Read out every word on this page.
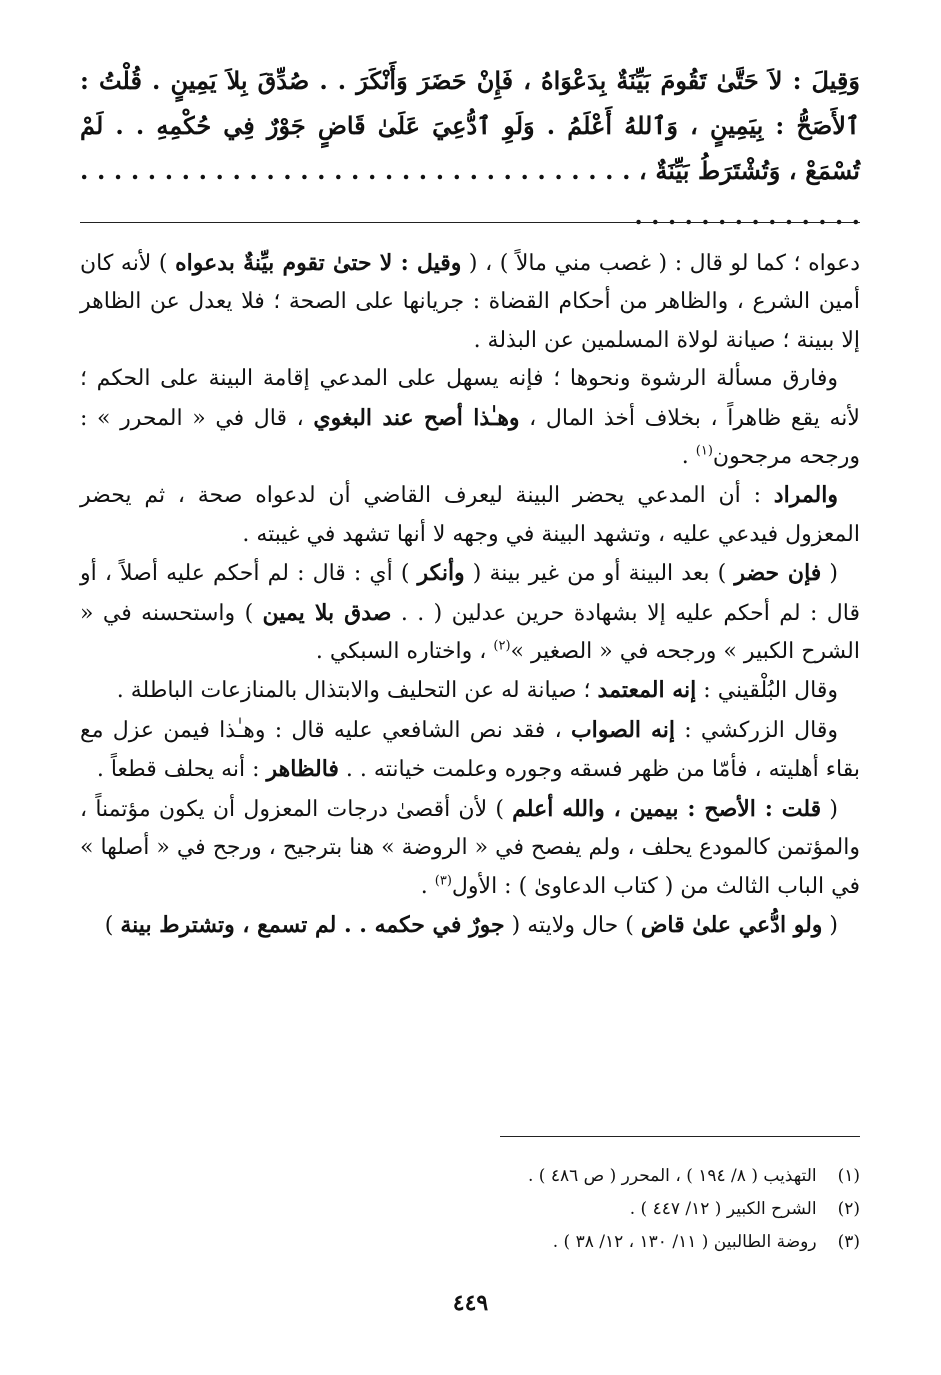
وَقِيلَ : لاَ حَتَّىٰ تَقُومَ بَيِّنَةٌ بِدَعْوَاهُ ، فَإِنْ حَضَرَ وَأَنْكَرَ . . صُدِّقَ بِلاَ يَمِينٍ . قُلْتُ : ٱلأَصَحُّ : بِيَمِينٍ ، وَٱللهُ أَعْلَمُ . وَلَوِ ٱدُّعِيَ عَلَىٰ قَاضٍ جَوْرٌ فِي حُكْمِهِ . . لَمْ تُسْمَعْ ، وَتُشْتَرَطُ بَيِّنَةٌ ، . . . . . . . . . . . . . . . . . . . . . . . . . . . . . . . . . . . . . . . . . . . . . . .

دعواه ؛ كما لو قال : ( غصب مني مالاً ) ، ( وقيل : لا حتىٰ تقوم بيِّنةٌ بدعواه ) لأنه كان أمين الشرع ، والظاهر من أحكام القضاة : جريانها على الصحة ؛ فلا يعدل عن الظاهر إلا ببينة ؛ صيانة لولاة المسلمين عن البذلة .

وفارق مسألة الرشوة ونحوها ؛ فإنه يسهل على المدعي إقامة البينة على الحكم ؛ لأنه يقع ظاهراً ، بخلاف أخذ المال ، وهـٰذا أصح عند البغوي ، قال في « المحرر » : ورجحه مرجحون$^{(١)}$ .

والمراد : أن المدعي يحضر البينة ليعرف القاضي أن لدعواه صحة ، ثم يحضر المعزول فيدعي عليه ، وتشهد البينة في وجهه لا أنها تشهد في غيبته .

( فإن حضر ) بعد البينة أو من غير بينة ( وأنكر ) أي : قال : لم أحكم عليه أصلاً ، أو قال : لم أحكم عليه إلا بشهادة حرين عدلين ( . . صدق بلا يمين ) واستحسنه في « الشرح الكبير » ورجحه في « الصغير »$^{(٢)}$ ، واختاره السبكي .

وقال البُلْقيني : إنه المعتمد ؛ صيانة له عن التحليف والابتذال بالمنازعات الباطلة .

وقال الزركشي : إنه الصواب ، فقد نص الشافعي عليه قال : وهـٰذا فيمن عزل مع بقاء أهليته ، فأمّا من ظهر فسقه وجوره وعلمت خيانته . . فالظاهر : أنه يحلف قطعاً .

( قلت : الأصح : بيمين ، والله أعلم ) لأن أقصىٰ درجات المعزول أن يكون مؤتمناً ، والمؤتمن كالمودع يحلف ، ولم يفصح في « الروضة » هنا بترجيح ، ورجح في « أصلها » في الباب الثالث من ( كتاب الدعاوىٰ ) : الأول$^{(٣)}$ .

( ولو ادُّعي علىٰ قاض ) حال ولايته ( جورٌ في حكمه . . لم تسمع ، وتشترط بينة )

(١) التهذيب ( ٨/ ١٩٤ ) ، المحرر ( ص ٤٨٦ ) .

(٢) الشرح الكبير ( ١٢/ ٤٤٧ ) .

(٣) روضة الطالبين ( ١١/ ١٣٠ ، ١٢/ ٣٨ ) .

٤٤٩
